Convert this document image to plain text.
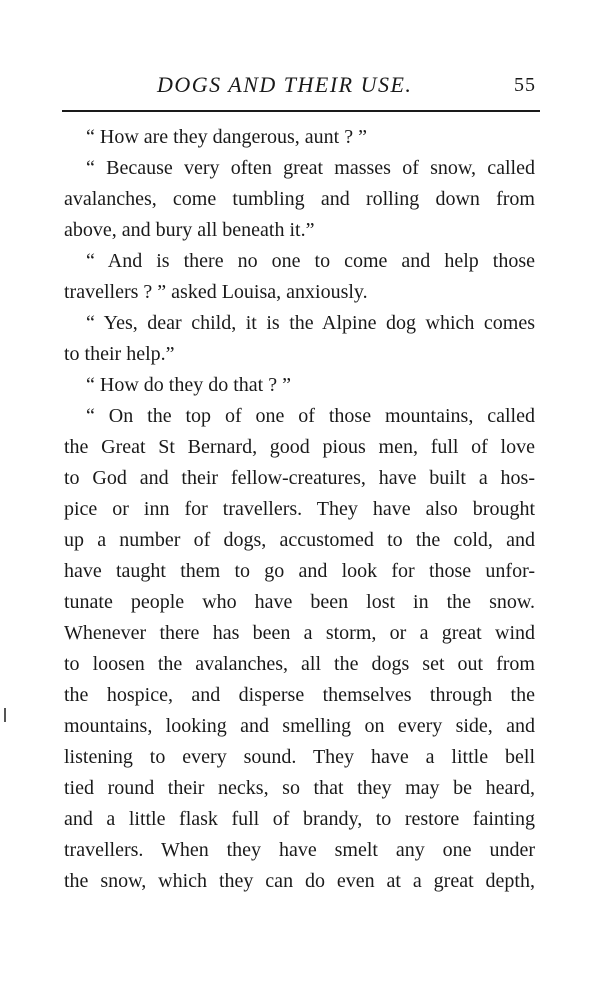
DOGS AND THEIR USE.	55
“ How are they dangerous, aunt ? ”
“ Because very often great masses of snow, called
avalanches, come tumbling and rolling down from
above, and bury all beneath it.”
“ And is there no one to come and help those
travellers ? ” asked Louisa, anxiously.
“ Yes, dear child, it is the Alpine dog which comes
to their help.”
“ How do they do that ? ”
“ On the top of one of those mountains, called
the Great St Bernard, good pious men, full of love
to God and their fellow-creatures, have built a hos-
pice or inn for travellers. They have also brought
up a number of dogs, accustomed to the cold, and
have taught them to go and look for those unfor-
tunate people who have been lost in the snow.
Whenever there has been a storm, or a great wind
to loosen the avalanches, all the dogs set out from
the hospice, and disperse themselves through the
mountains, looking and smelling on every side, and
listening to every sound. They have a little bell
tied round their necks, so that they may be heard,
and a little flask full of brandy, to restore fainting
travellers. When they have smelt any one under
the snow, which they can do even at a great depth,
